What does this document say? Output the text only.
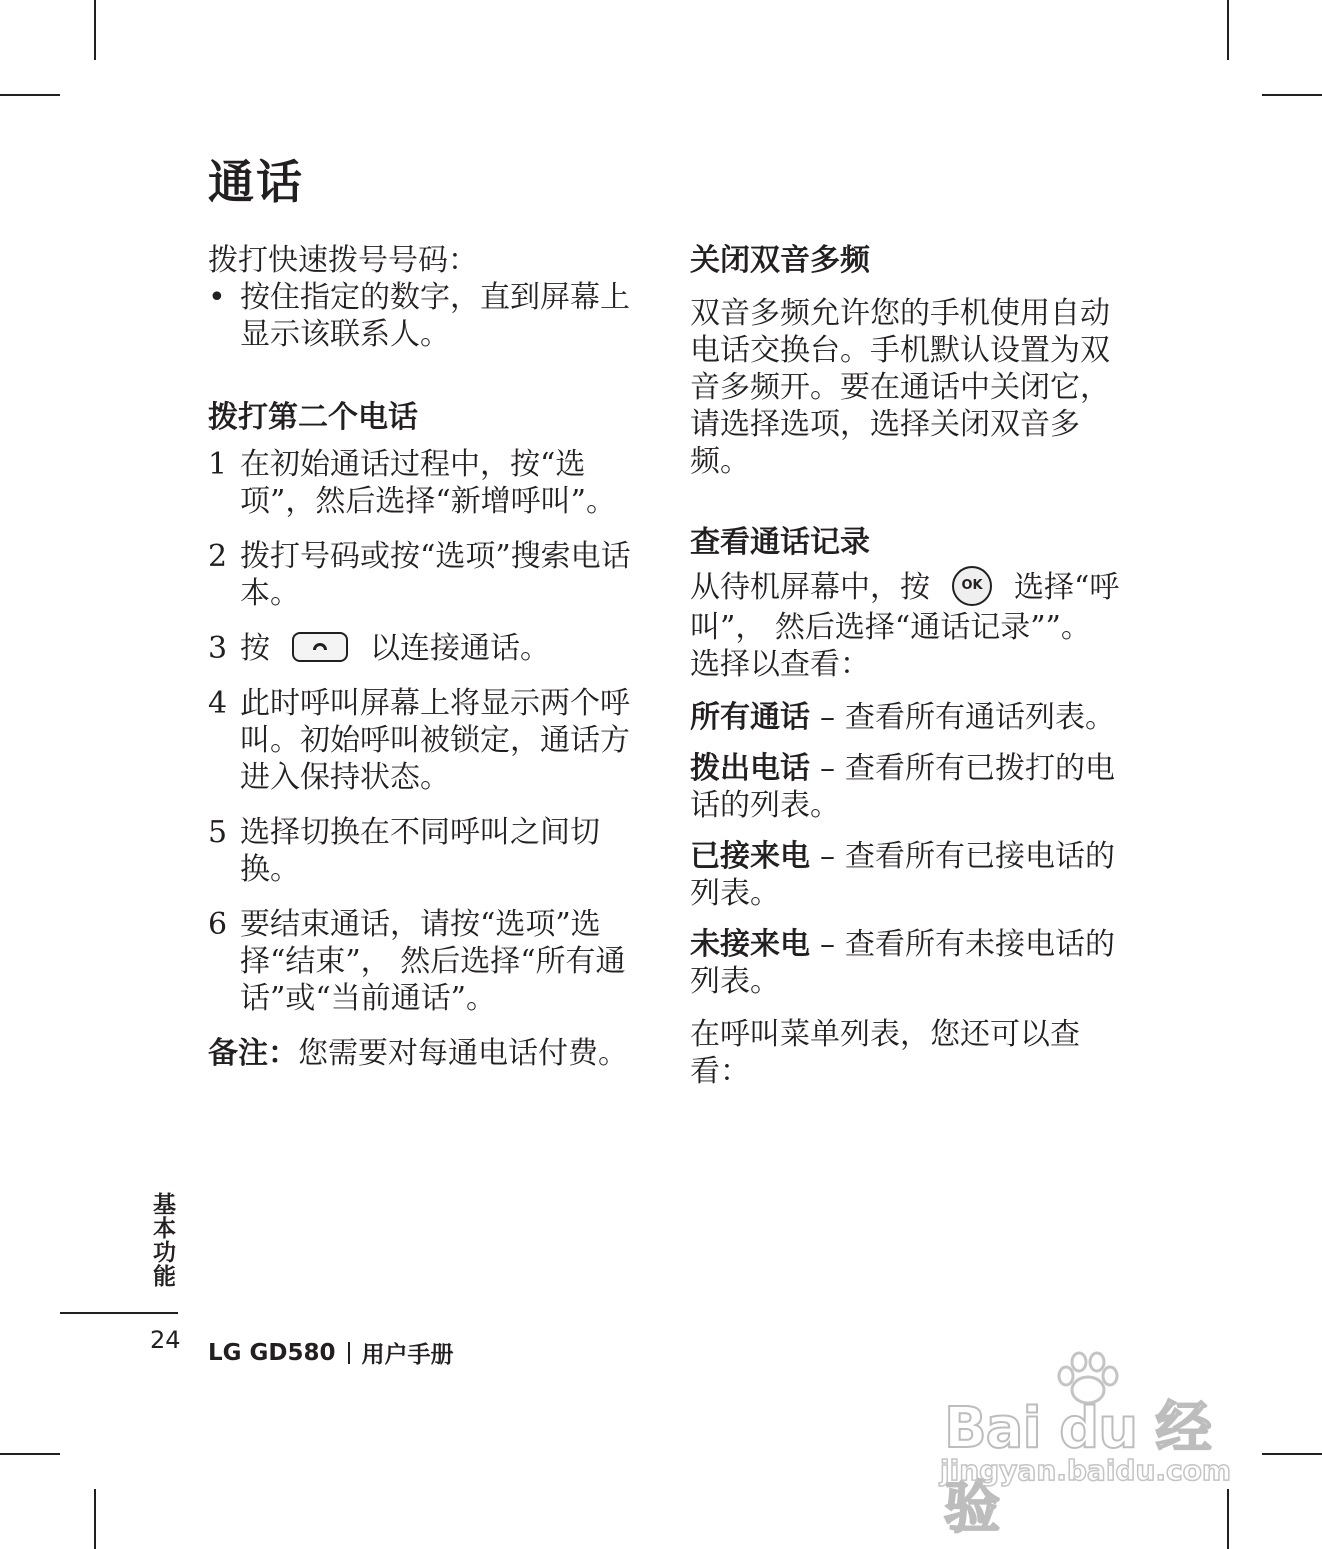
通话

拨打快速拨号号码：

• 按住指定的数字，直到屏幕上显示该联系人。
拨打第二个电话
1 在初始通话过程中，按“选项”，然后选择“新增呼叫”。
2 拨打号码或按“选项”搜索电话本。
3 按	以连接通话。
4 此时呼叫屏幕上将显示两个呼叫。初始呼叫被锁定，通话方进入保持状态。
5 选择切换在不同呼叫之间切换。
6 要结束通话，请按“选项”选择“结束”， 然后选择“所有通话”或“当前通话”。

备注：您需要对每通电话付费。

关闭双音多频

双音多频允许您的手机使用自动电话交换台。手机默认设置为双音多频开。要在通话中关闭它，请选择选项，选择关闭双音多频。

查看通话记录

从待机屏幕中，按 OK 选择“呼叫”， 然后选择“通话记录””。

选择以查看：

所有通话 – 查看所有通话列表。

拨出电话 – 查看所有已拨打的电话的列表。

已接来电 – 查看所有已接电话的列表。

未接来电 – 查看所有未接电话的列表。

在呼叫菜单列表，您还可以查看：

基本功能
24 LG GD580 用户手册
Bai du 经验
jingyan.baidu.com
